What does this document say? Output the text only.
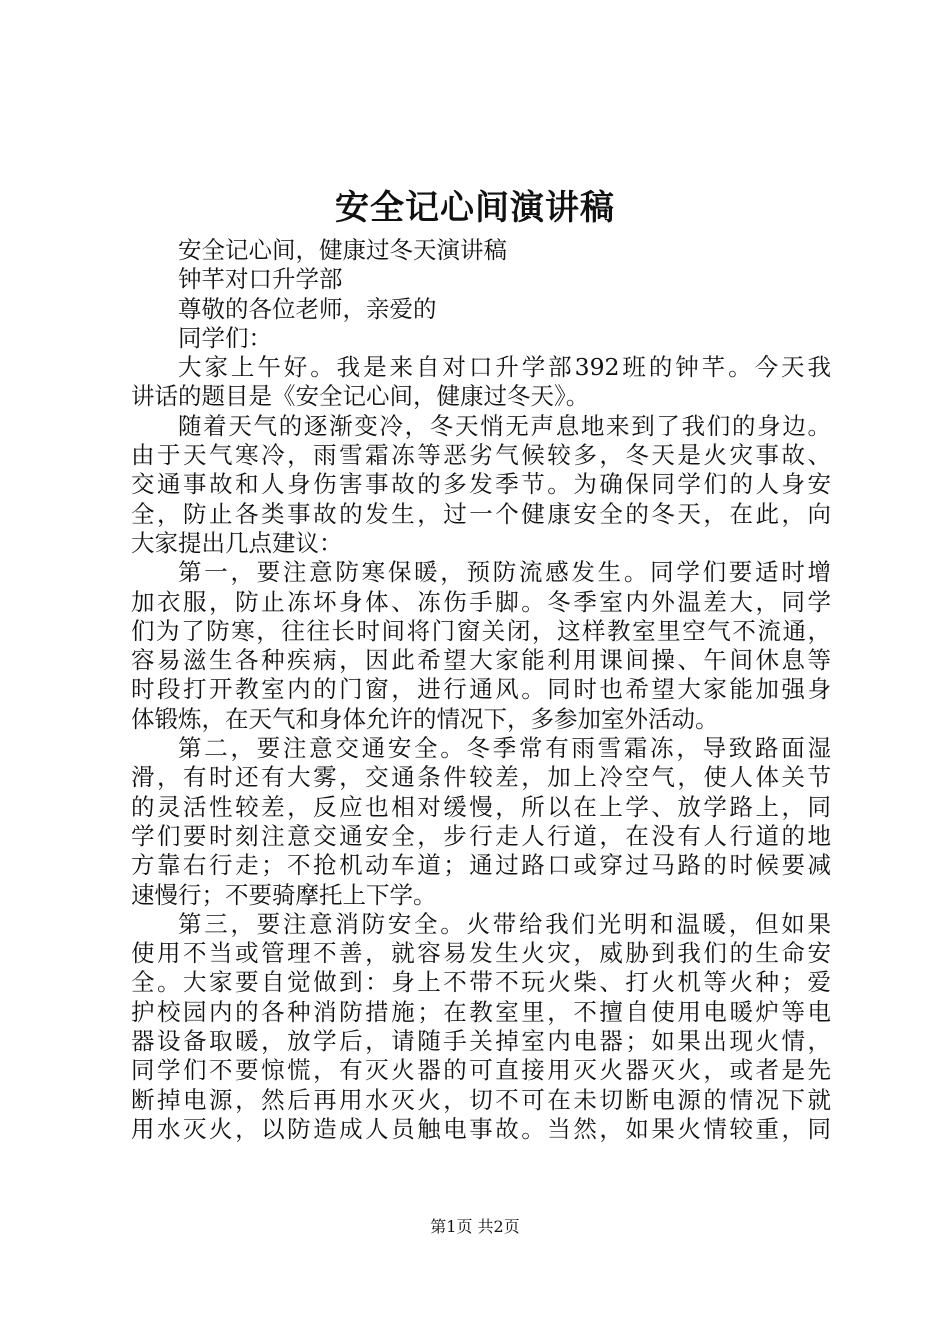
安全记心间演讲稿
安全记心间，健康过冬天演讲稿
钟芊对口升学部
尊敬的各位老师，亲爱的
同学们：
大家上午好。我是来自对口升学部392班的钟芊。今天我
讲话的题目是《安全记心间，健康过冬天》。
随着天气的逐渐变冷，冬天悄无声息地来到了我们的身边。
由于天气寒冷，雨雪霜冻等恶劣气候较多，冬天是火灾事故、
交通事故和人身伤害事故的多发季节。为确保同学们的人身安
全，防止各类事故的发生，过一个健康安全的冬天，在此，向
大家提出几点建议：
第一，要注意防寒保暖，预防流感发生。同学们要适时增
加衣服，防止冻坏身体、冻伤手脚。冬季室内外温差大，同学
们为了防寒，往往长时间将门窗关闭，这样教室里空气不流通，
容易滋生各种疾病，因此希望大家能利用课间操、午间休息等
时段打开教室内的门窗，进行通风。同时也希望大家能加强身
体锻炼，在天气和身体允许的情况下，多参加室外活动。
第二，要注意交通安全。冬季常有雨雪霜冻，导致路面湿
滑，有时还有大雾，交通条件较差，加上冷空气，使人体关节
的灵活性较差，反应也相对缓慢，所以在上学、放学路上，同
学们要时刻注意交通安全，步行走人行道，在没有人行道的地
方靠右行走；不抢机动车道；通过路口或穿过马路的时候要减
速慢行；不要骑摩托上下学。
第三，要注意消防安全。火带给我们光明和温暖，但如果
使用不当或管理不善，就容易发生火灾，威胁到我们的生命安
全。大家要自觉做到：身上不带不玩火柴、打火机等火种；爱
护校园内的各种消防措施；在教室里，不擅自使用电暖炉等电
器设备取暖，放学后，请随手关掉室内电器；如果出现火情，
同学们不要惊慌，有灭火器的可直接用灭火器灭火，或者是先
断掉电源，然后再用水灭火，切不可在未切断电源的情况下就
用水灭火，以防造成人员触电事故。当然，如果火情较重，同
第1页 共2页
